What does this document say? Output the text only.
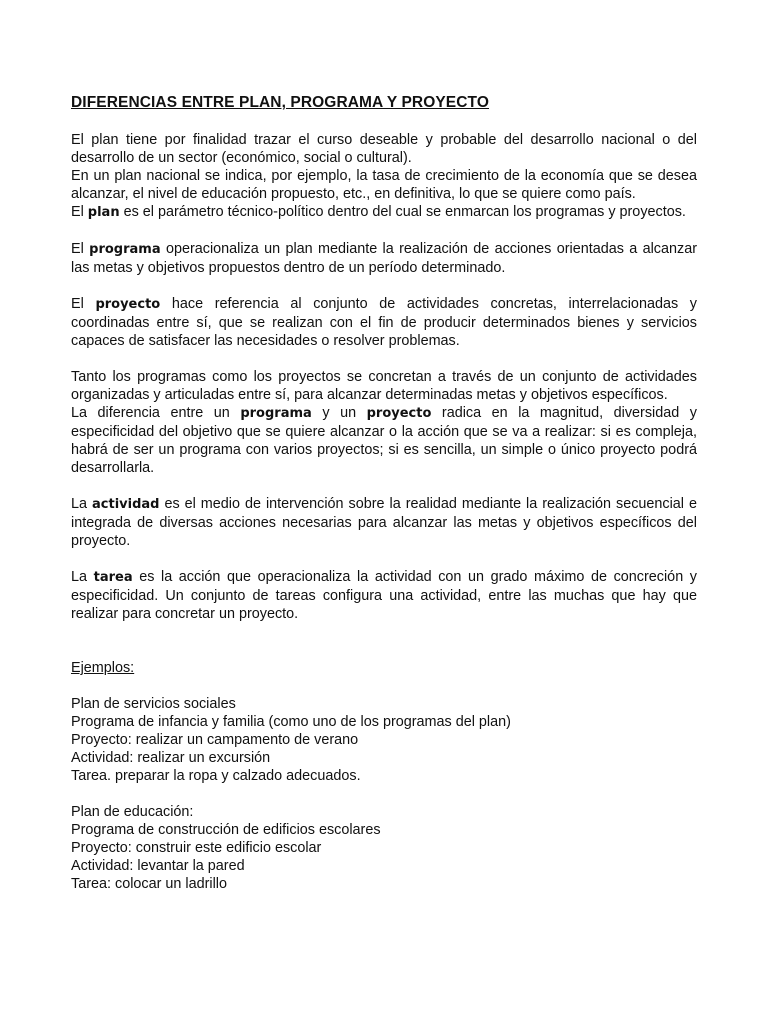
DIFERENCIAS ENTRE PLAN, PROGRAMA Y PROYECTO

El plan tiene por finalidad trazar el curso deseable y probable del desarrollo nacional o del desarrollo de un sector (económico, social o cultural).

En un plan nacional se indica, por ejemplo, la tasa de crecimiento de la economía que se desea alcanzar, el nivel de educación propuesto, etc., en definitiva, lo que se quiere como país.

El plan es el parámetro técnico-político dentro del cual se enmarcan los programas y proyectos.

El programa operacionaliza un plan mediante la realización de acciones orientadas a alcanzar las metas y objetivos propuestos dentro de un período determinado.

El proyecto hace referencia al conjunto de actividades concretas, interrelacionadas y coordinadas entre sí, que se realizan con el fin de producir determinados bienes y servicios capaces de satisfacer las necesidades o resolver problemas.

Tanto los programas como los proyectos se concretan a través de un conjunto de actividades organizadas y articuladas entre sí, para alcanzar determinadas metas y objetivos específicos.

La diferencia entre un programa y un proyecto radica en la magnitud, diversidad y especificidad del objetivo que se quiere alcanzar o la acción que se va a realizar: si es compleja, habrá de ser un programa con varios proyectos; si es sencilla, un simple o único proyecto podrá desarrollarla.

La actividad es el medio de intervención sobre la realidad mediante la realización secuencial e integrada de diversas acciones necesarias para alcanzar las metas y objetivos específicos del proyecto.

La tarea es la acción que operacionaliza la actividad con un grado máximo de concreción y especificidad. Un conjunto de tareas configura una actividad, entre las muchas que hay que realizar para concretar un proyecto.

Ejemplos:

Plan de servicios sociales

Programa de infancia y familia (como uno de los programas del plan)

Proyecto: realizar un campamento de verano

Actividad: realizar un excursión

Tarea. preparar la ropa y calzado adecuados.

Plan de educación:

Programa de construcción de edificios escolares

Proyecto: construir este edificio escolar

Actividad: levantar la pared

Tarea: colocar un ladrillo
